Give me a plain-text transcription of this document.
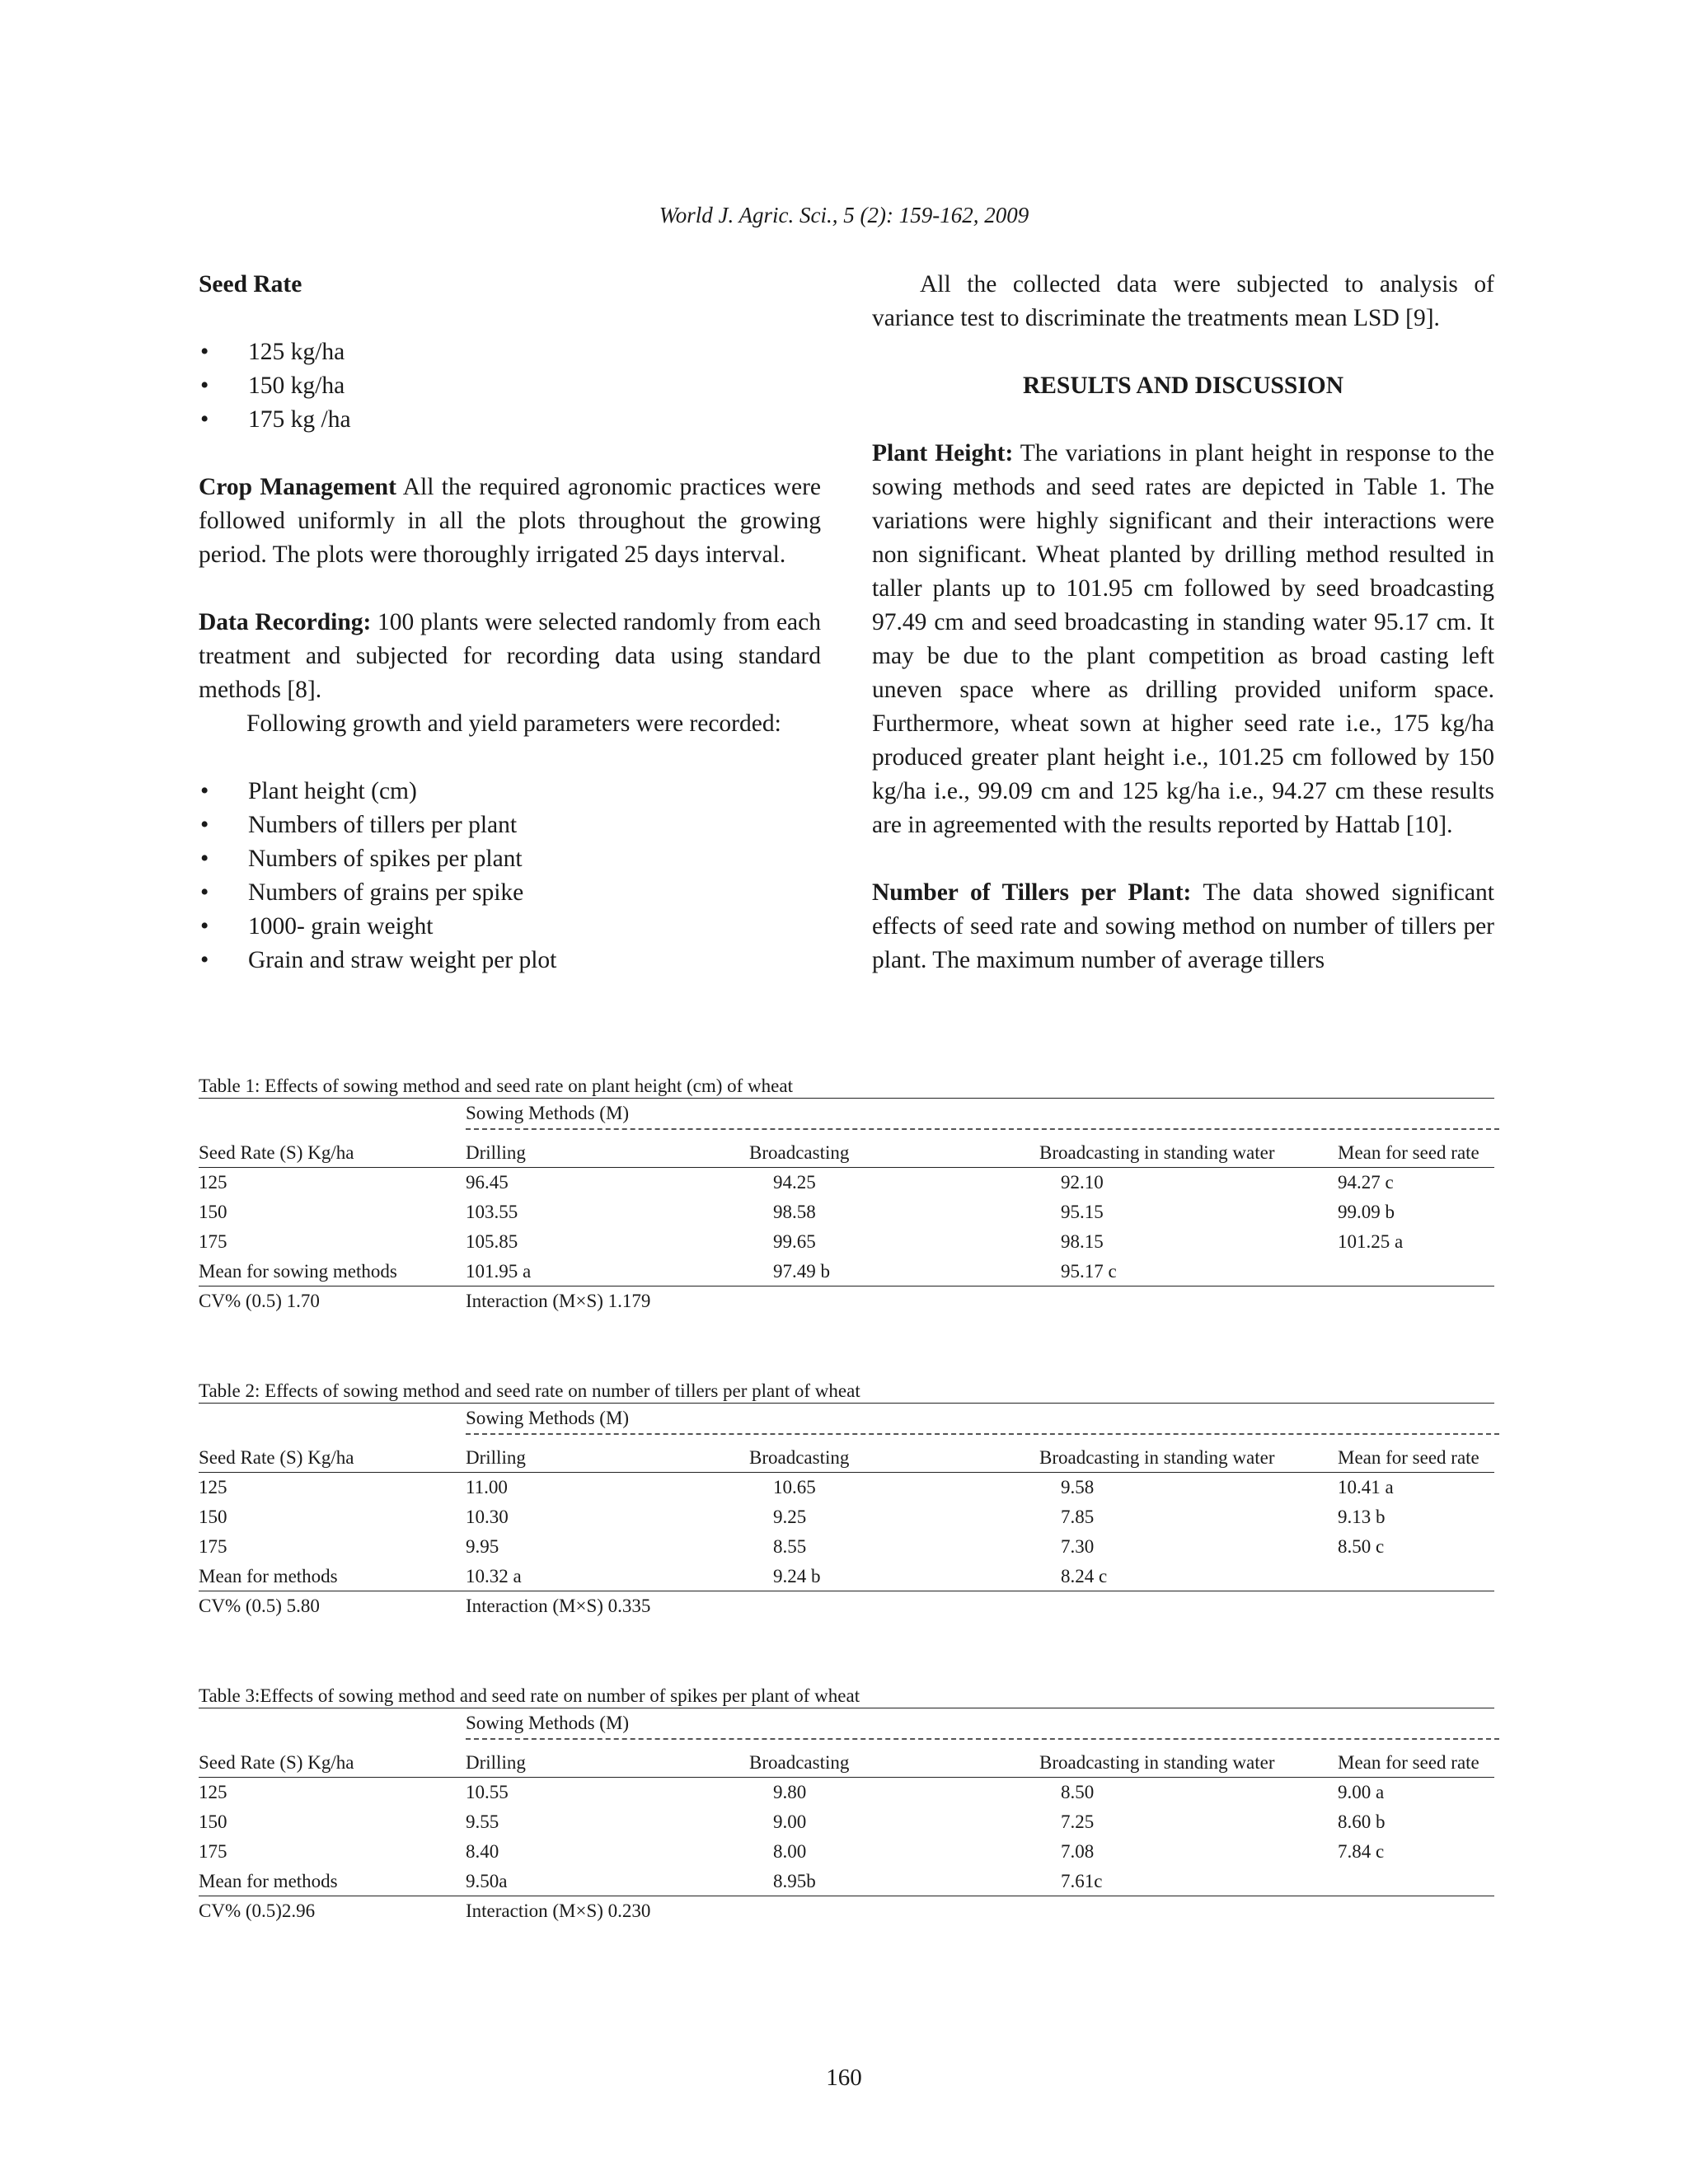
World J. Agric. Sci., 5 (2): 159-162, 2009
Seed Rate
• 125 kg/ha
• 150 kg/ha
• 175 kg /ha

Crop Management All the required agronomic practices were followed uniformly in all the plots throughout the growing period. The plots were thoroughly irrigated 25 days interval.

Data Recording: 100 plants were selected randomly from each treatment and subjected for recording data using standard methods [8].

Following growth and yield parameters were recorded:

• Plant height (cm)
• Numbers of tillers per plant
• Numbers of spikes per plant
• Numbers of grains per spike
• 1000- grain weight
• Grain and straw weight per plot

All the collected data were subjected to analysis of variance test to discriminate the treatments mean LSD [9].

RESULTS AND DISCUSSION

Plant Height: The variations in plant height in response to the sowing methods and seed rates are depicted in Table 1. The variations were highly significant and their interactions were non significant. Wheat planted by drilling method resulted in taller plants up to 101.95 cm followed by seed broadcasting 97.49 cm and seed broadcasting in standing water 95.17 cm. It may be due to the plant competition as broad casting left uneven space where as drilling provided uniform space. Furthermore, wheat sown at higher seed rate i.e., 175 kg/ha produced greater plant height i.e., 101.25 cm followed by 150 kg/ha i.e., 99.09 cm and 125 kg/ha i.e., 94.27 cm these results are in agreemented with the results reported by Hattab [10].

Number of Tillers per Plant: The data showed significant effects of seed rate and sowing method on number of tillers per plant. The maximum number of average tillers

Table 1: Effects of sowing method and seed rate on plant height (cm) of wheat
Sowing Methods (M)
Seed Rate (S) Kg/ha	Drilling	Broadcasting	Broadcasting in standing water	Mean for seed rate
125	96.45	94.25	92.10	94.27 c
150	103.55	98.58	95.15	99.09 b
175	105.85	99.65	98.15	101.25 a
Mean for sowing methods	101.95 a	97.49 b	95.17 c
CV% (0.5) 1.70	Interaction (M×S) 1.179
Table 2: Effects of sowing method and seed rate on number of tillers per plant of wheat
Sowing Methods (M)
Seed Rate (S) Kg/ha	Drilling	Broadcasting	Broadcasting in standing water	Mean for seed rate
125	11.00	10.65	9.58	10.41 a
150	10.30	9.25	7.85	9.13 b
175	9.95	8.55	7.30	8.50 c
Mean for methods	10.32 a	9.24 b	8.24 c
CV% (0.5) 5.80	Interaction (M×S) 0.335
Table 3:Effects of sowing method and seed rate on number of spikes per plant of wheat
Sowing Methods (M)
Seed Rate (S) Kg/ha	Drilling	Broadcasting	Broadcasting in standing water	Mean for seed rate
125	10.55	9.80	8.50	9.00 a
150	9.55	9.00	7.25	8.60 b
175	8.40	8.00	7.08	7.84 c
Mean for methods	9.50a	8.95b	7.61c
CV% (0.5)2.96	Interaction (M×S) 0.230
160
